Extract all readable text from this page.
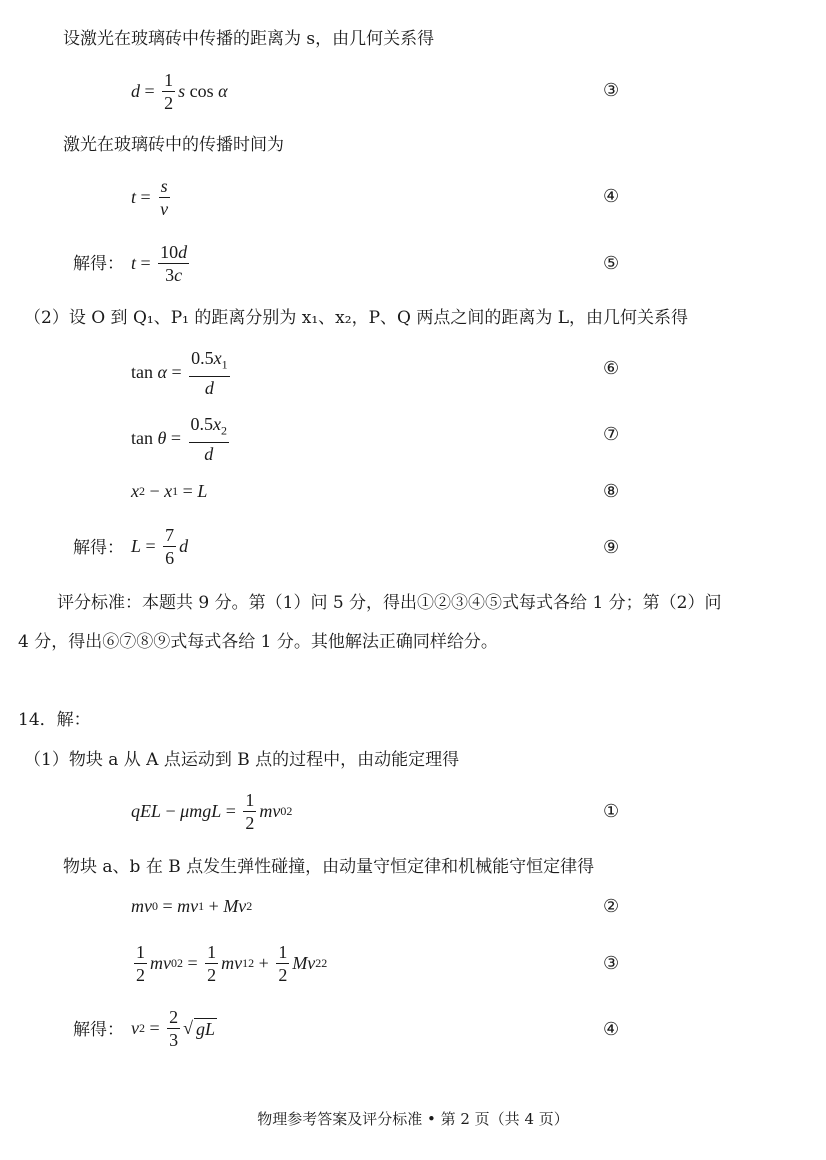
设激光在玻璃砖中传播的距离为 s，由几何关系得
$d = \frac{1}{2}$ s cos α	③
激光在玻璃砖中的传播时间为
$t = \frac{s}{v}$	④
解得： $t = \frac{10d}{3c}$	⑤
（2）设 O 到 Q₁、P₁ 的距离分别为 x₁、x₂，P、Q 两点之间的距离为 L，由几何关系得
$\tan \alpha = \frac{0.5x_1}{d}$	⑥
$\tan \theta = \frac{0.5x_2}{d}$	⑦
x 2 − x 1 = L	⑧
解得： $L = \frac{7}{6}$ d	⑨
评分标准：本题共 9 分。第（1）问 5 分，得出①②③④⑤式每式各给 1 分；第（2）问
4 分，得出⑥⑦⑧⑨式每式各给 1 分。其他解法正确同样给分。
14．解：
（1）物块 a 从 A 点运动到 B 点的过程中，由动能定理得
qEL − $\mu mgL = \frac{1}{2}$ mv 0 2	①
物块 a、b 在 B 点发生弹性碰撞，由动量守恒定律和机械能守恒定律得
mv 0 = mv 1 + Mv 2	②
$\frac{1}{2}$ mv 0 $2 = \frac{1}{2}$ mv 1 $2 + \frac{1}{2}$ Mv 2 2	③
解得： v $2 = \frac{2}{3}$ √ gL	④
物理参考答案及评分标准 • 第 2 页（共 4 页）
